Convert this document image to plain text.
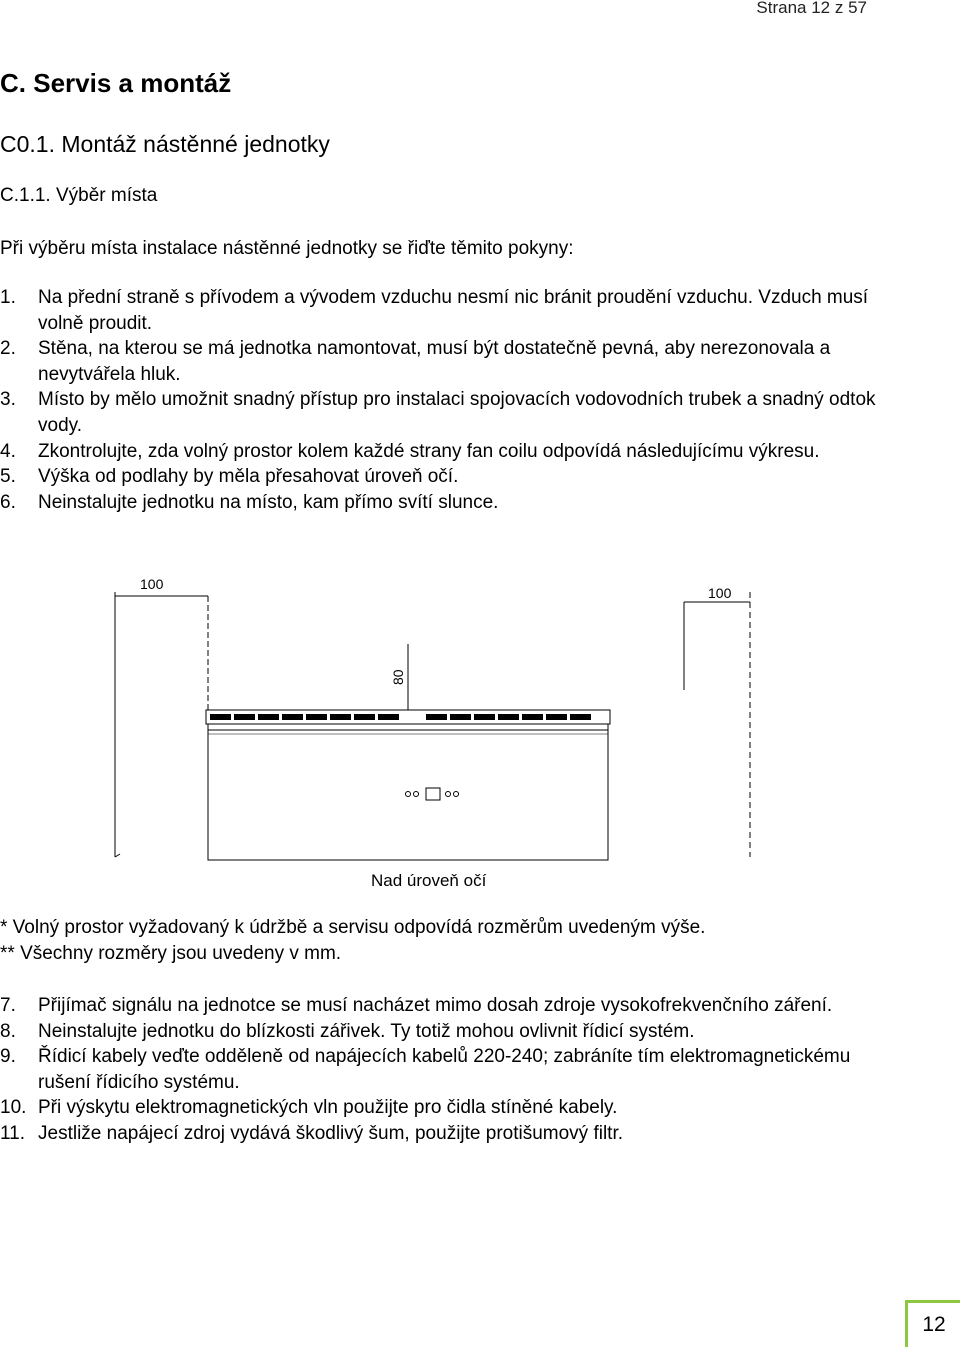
Strana 12 z 57
C. Servis a montáž
C0.1. Montáž nástěnné jednotky
C.1.1. Výběr místa
Při výběru místa instalace nástěnné jednotky se řiďte těmito pokyny:
1. Na přední straně s přívodem a vývodem vzduchu nesmí nic bránit proudění vzduchu. Vzduch musí volně proudit.
2. Stěna, na kterou se má jednotka namontovat, musí být dostatečně pevná, aby nerezonovala a nevytvářela hluk.
3. Místo by mělo umožnit snadný přístup pro instalaci spojovacích vodovodních trubek a snadný odtok vody.
4. Zkontrolujte, zda volný prostor kolem každé strany fan coilu odpovídá následujícímu výkresu.
5. Výška od podlahy by měla přesahovat úroveň očí.
6. Neinstalujte jednotku na místo, kam přímo svítí slunce.
100
100
80
Nad úroveň očí
* Volný prostor vyžadovaný k údržbě a servisu odpovídá rozměrům uvedeným výše.
** Všechny rozměry jsou uvedeny v mm.
7. Přijímač signálu na jednotce se musí nacházet mimo dosah zdroje vysokofrekvenčního záření.
8. Neinstalujte jednotku do blízkosti zářivek. Ty totiž mohou ovlivnit řídicí systém.
9. Řídicí kabely veďte odděleně od napájecích kabelů 220-240; zabráníte tím elektromagnetickému rušení řídicího systému.
10. Při výskytu elektromagnetických vln použijte pro čidla stíněné kabely.
11. Jestliže napájecí zdroj vydává škodlivý šum, použijte protišumový filtr.
12
